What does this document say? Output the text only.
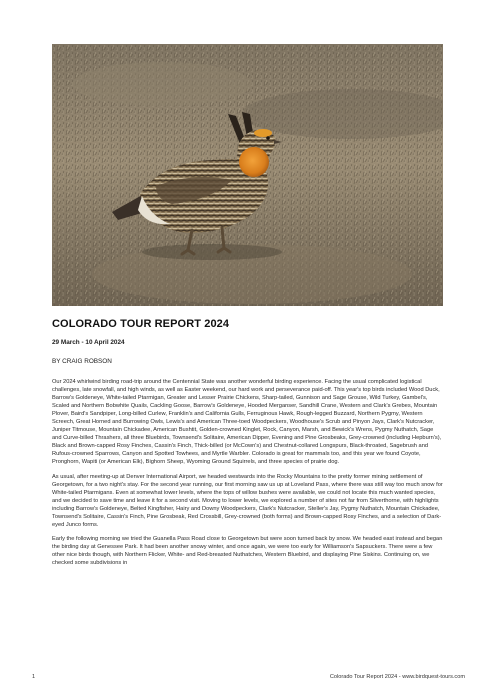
COLORADO TOUR REPORT 2024
29 March - 10 April 2024
BY CRAIG ROBSON

Our 2024 whirlwind birding road-trip around the Centennial State was another wonderful birding experience. Facing the usual complicated logistical challenges, late snowfall, and high winds, as well as Easter weekend, our hard work and perseverance paid-off. This year's top birds included Wood Duck, Barrow's Goldeneye, White-tailed Ptarmigan, Greater and Lesser Prairie Chickens, Sharp-tailed, Gunnison and Sage Grouse, Wild Turkey, Gambel's, Scaled and Northern Bobwhite Quails, Cackling Goose, Barrow's Goldeneye, Hooded Merganser, Sandhill Crane, Western and Clark's Grebes, Mountain Plover, Baird's Sandpiper, Long-billed Curlew, Franklin's and California Gulls, Ferruginous Hawk, Rough-legged Buzzard, Northern Pygmy, Western Screech, Great Horned and Burrowing Owls, Lewis's and American Three-toed Woodpeckers, Woodhouse's Scrub and Pinyon Jays, Clark's Nutcracker, Juniper Titmouse, Mountain Chickadee, American Bushtit, Golden-crowned Kinglet, Rock, Canyon, Marsh, and Bewick's Wrens, Pygmy Nuthatch, Sage and Curve-billed Thrashers, all three Bluebirds, Townsend's Solitaire, American Dipper, Evening and Pine Grosbeaks, Grey-crowned (including Hepburn's), Black and Brown-capped Rosy Finches, Cassin's Finch, Thick-billed (or McCown's) and Chestnut-collared Longspurs, Black-throated, Sagebrush and Rufous-crowned Sparrows, Canyon and Spotted Towhees, and Myrtle Warbler. Colorado is great for mammals too, and this year we found Coyote, Pronghorn, Wapiti (or American Elk), Bighorn Sheep, Wyoming Ground Squirrels, and three species of prairie dog.

As usual, after meeting-up at Denver International Airport, we headed westwards into the Rocky Mountains to the pretty former mining settlement of Georgetown, for a two night's stay. For the second year running, our first morning saw us up at Loveland Pass, where there was still way too much snow for White-tailed Ptarmigans. Even at somewhat lower levels, where the tops of willow bushes were available, we could not locate this much wanted species, and we decided to save time and leave it for a second visit. Moving to lower levels, we explored a number of sites not far from Silverthorne, with highlights including Barrow's Goldeneye, Belted Kingfisher, Hairy and Downy Woodpeckers, Clark's Nutcracker, Steller's Jay, Pygmy Nuthatch, Mountain Chickadee, Townsend's Solitaire, Cassin's Finch, Pine Grosbeak, Red Crossbill, Grey-crowned (both forms) and Brown-capped Rosy Finches, and a selection of Dark-eyed Junco forms.

Early the following morning we tried the Guanella Pass Road close to Georgetown but were soon turned back by snow. We headed east instead and began the birding day at Genessee Park. It had been another snowy winter, and once again, we were too early for Williamson's Sapsuckers. There were a few other nice birds though, with Northern Flicker, White- and Red-breasted Nuthatches, Western Bluebird, and displaying Pine Siskins. Continuing on, we checked some subdivisions in

1	Colorado Tour Report 2024 - www.birdquest-tours.com
